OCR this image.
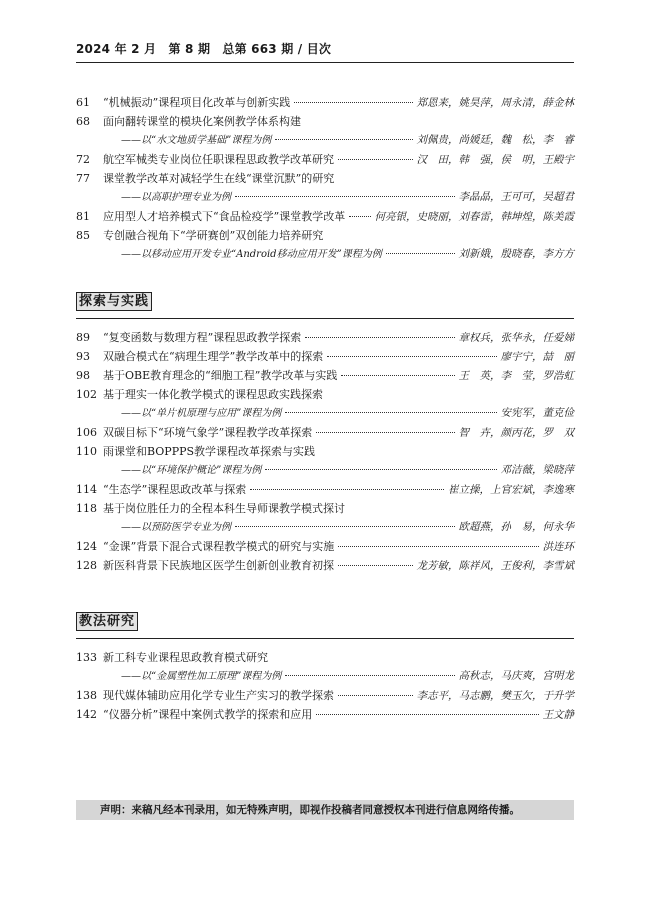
2024 年 2 月　第 8 期　总第 663 期 / 目次
61	“机械振动”课程项目化改革与创新实践	郑恩来，姚昊萍，周永清，薛金林
68	面向翻转课堂的模块化案例教学体系构建
——以“水文地质学基础”课程为例	刘佩贵，尚媛廷，魏　松，李　睿
72	航空军械类专业岗位任职课程思政教学改革研究	汉　田，韩　强，侯　明，王殿宇
77	课堂教学改革对减轻学生在线“课堂沉默”的研究
——以高职护理专业为例	李晶晶，王可可，吴超君
81	应用型人才培养模式下“食品检疫学”课堂教学改革	何亮银，史晓丽，刘春雷，韩坤煌，陈美霞
85	专创融合视角下“学研赛创”双创能力培养研究
——以移动应用开发专业“Android移动应用开发”课程为例	刘新娥，殷晓春，李方方
探索与实践
89	“复变函数与数理方程”课程思政教学探索	章权兵，张华永，任爱娣
93	双融合模式在“病理生理学”教学改革中的探索	廖宇宁，喆　丽
98	基于OBE教育理念的“细胞工程”教学改革与实践	王　英，李　莹，罗浩虹
102 基于理实一体化教学模式的课程思政实践探索
——以“单片机原理与应用”课程为例	安宪军，董克俭
106 双碳目标下“环境气象学”课程教学改革探索	智　卉，颜丙花，罗　双
110 雨课堂和BOPPPS教学课程改革探索与实践
——以“环境保护概论”课程为例	邓洁薇，梁晓萍
114 “生态学”课程思政改革与探索	崔立操，上官宏斌，李逸寒
118 基于岗位胜任力的全程本科生导师课教学模式探讨
——以预防医学专业为例	欧超燕，孙　易，何永华
124 “金课”背景下混合式课程教学模式的研究与实施	洪连环
128 新医科背景下民族地区医学生创新创业教育初探	龙芳敏，陈祥风，王俊利，李雪斌
教法研究
133 新工科专业课程思政教育模式研究
——以“金属塑性加工原理”课程为例	高秋志，马庆爽，宫明龙
138 现代媒体辅助应用化学专业生产实习的教学探索	李志平，马志鹏，樊玉欠，于升学
142 “仪器分析”课程中案例式教学的探索和应用	王文静
声明：来稿凡经本刊录用，如无特殊声明，即视作投稿者同意授权本刊进行信息网络传播。
